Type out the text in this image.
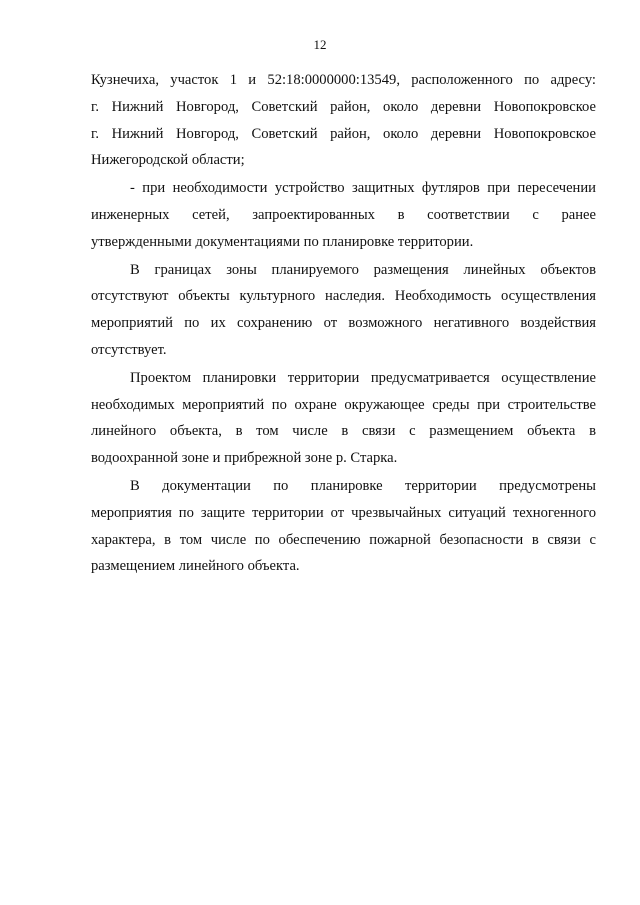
12
Кузнечиха, участок 1 и 52:18:0000000:13549, расположенного по адресу:
г. Нижний Новгород, Советский район, около деревни Новопокровское
г. Нижний Новгород, Советский район, около деревни Новопокровское
Нижегородской области;
- при необходимости устройство защитных футляров при пересечении
инженерных сетей, запроектированных в соответствии с ранее
утвержденными документациями по планировке территории.
В границах зоны планируемого размещения линейных объектов
отсутствуют объекты культурного наследия. Необходимость осуществления
мероприятий по их сохранению от возможного негативного воздействия
отсутствует.
Проектом планировки территории предусматривается осуществление
необходимых мероприятий по охране окружающее среды при строительстве
линейного объекта, в том числе в связи с размещением объекта в
водоохранной зоне и прибрежной зоне р. Старка.
В документации по планировке территории предусмотрены
мероприятия по защите территории от чрезвычайных ситуаций техногенного
характера, в том числе по обеспечению пожарной безопасности в связи с
размещением линейного объекта.
